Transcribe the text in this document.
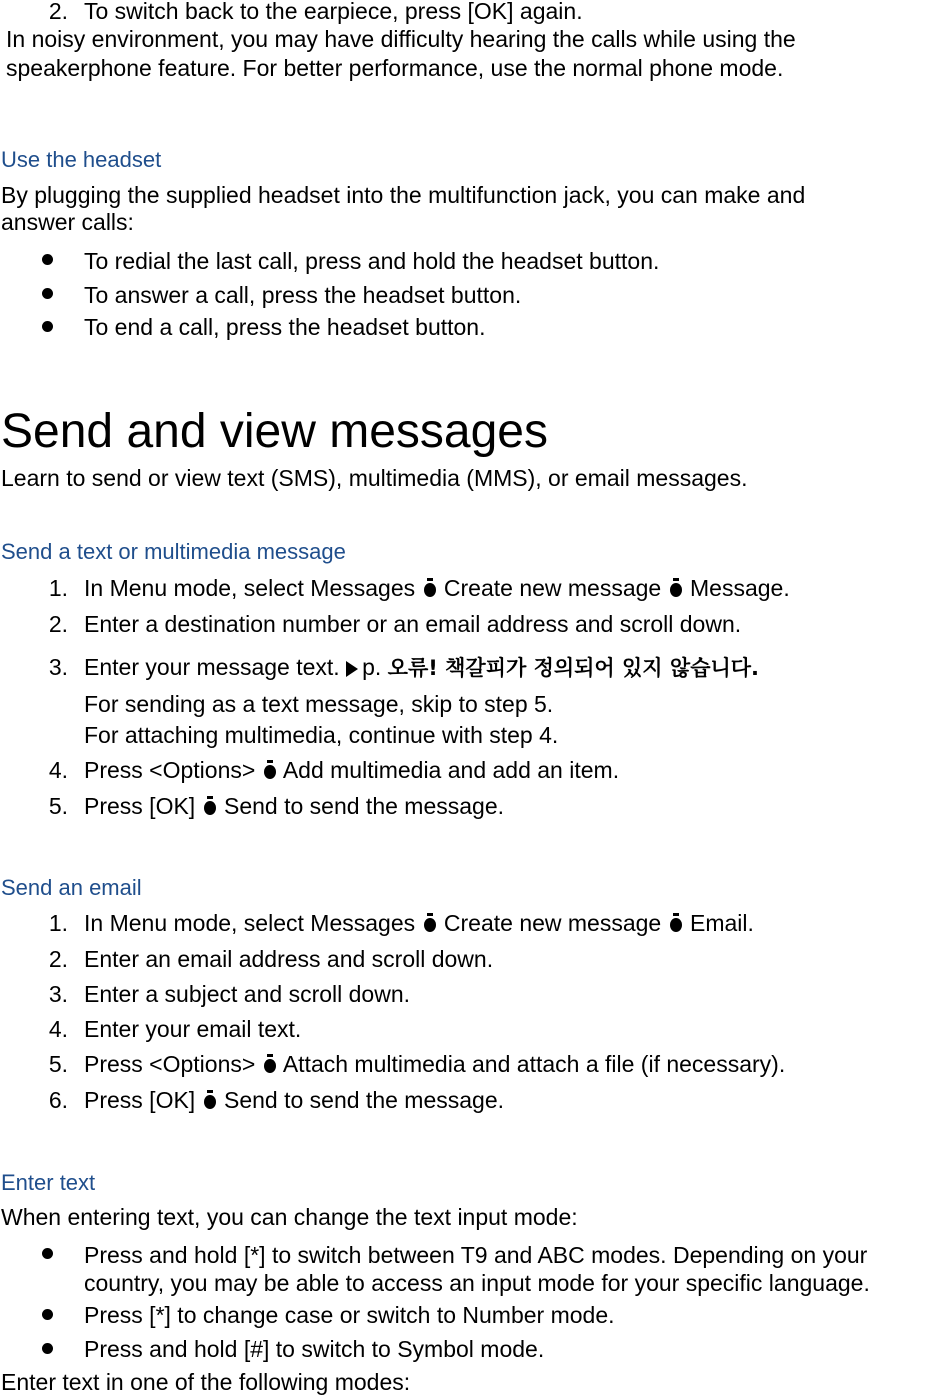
2. To switch back to the earpiece, press [OK] again.
In noisy environment, you may have difficulty hearing the calls while using the
speakerphone feature. For better performance, use the normal phone mode.
Use the headset
By plugging the supplied headset into the multifunction jack, you can make and
answer calls:
To redial the last call, press and hold the headset button.
To answer a call, press the headset button.
To end a call, press the headset button.
Send and view messages
Learn to send or view text (SMS), multimedia (MMS), or email messages.
Send a text or multimedia message
1. In Menu mode, select Messages Create new message Message.
2. Enter a destination number or an email address and scroll down.
3. Enter your message text. p. 오류! 책갈피가 정의되어 있지 않습니다.
For sending as a text message, skip to step 5.
For attaching multimedia, continue with step 4.
4. Press <Options> Add multimedia and add an item.
5. Press [OK] Send to send the message.
Send an email
1. In Menu mode, select Messages Create new message Email.
2. Enter an email address and scroll down.
3. Enter a subject and scroll down.
4. Enter your email text.
5. Press <Options> Attach multimedia and attach a file (if necessary).
6. Press [OK] Send to send the message.
Enter text
When entering text, you can change the text input mode:
Press and hold [*] to switch between T9 and ABC modes. Depending on your
country, you may be able to access an input mode for your specific language.
Press [*] to change case or switch to Number mode.
Press and hold [#] to switch to Symbol mode.
Enter text in one of the following modes:
